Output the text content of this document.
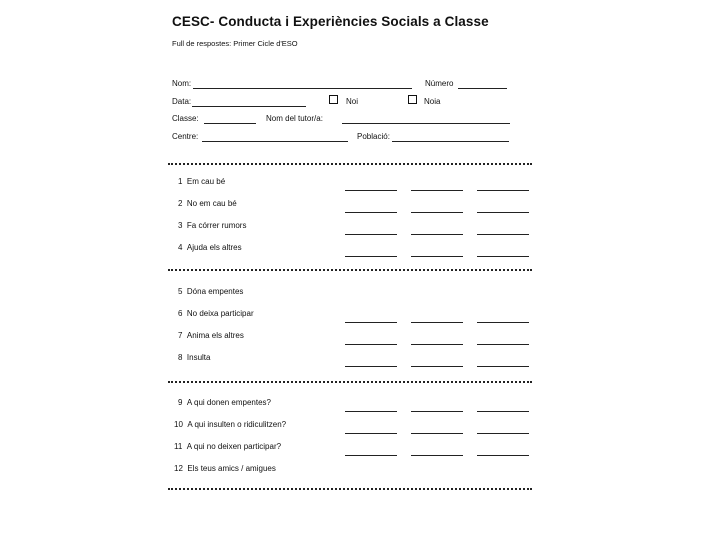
CESC- Conducta i Experiències Socials a Classe
Full de respostes: Primer Cicle d'ESO
Nom:	Número
Data:	Noi	Noia
Classe:	Nom del tutor/a:
Centre:	Població:
1 Em cau bé
2 No em cau bé
3 Fa córrer rumors
4 Ajuda els altres
5 Dóna empentes
6 No deixa participar
7 Anima els altres
8 Insulta
9 A qui donen empentes?
10 A qui insulten o ridiculitzen?
11 A qui no deixen participar?
12 Els teus amics / amigues
